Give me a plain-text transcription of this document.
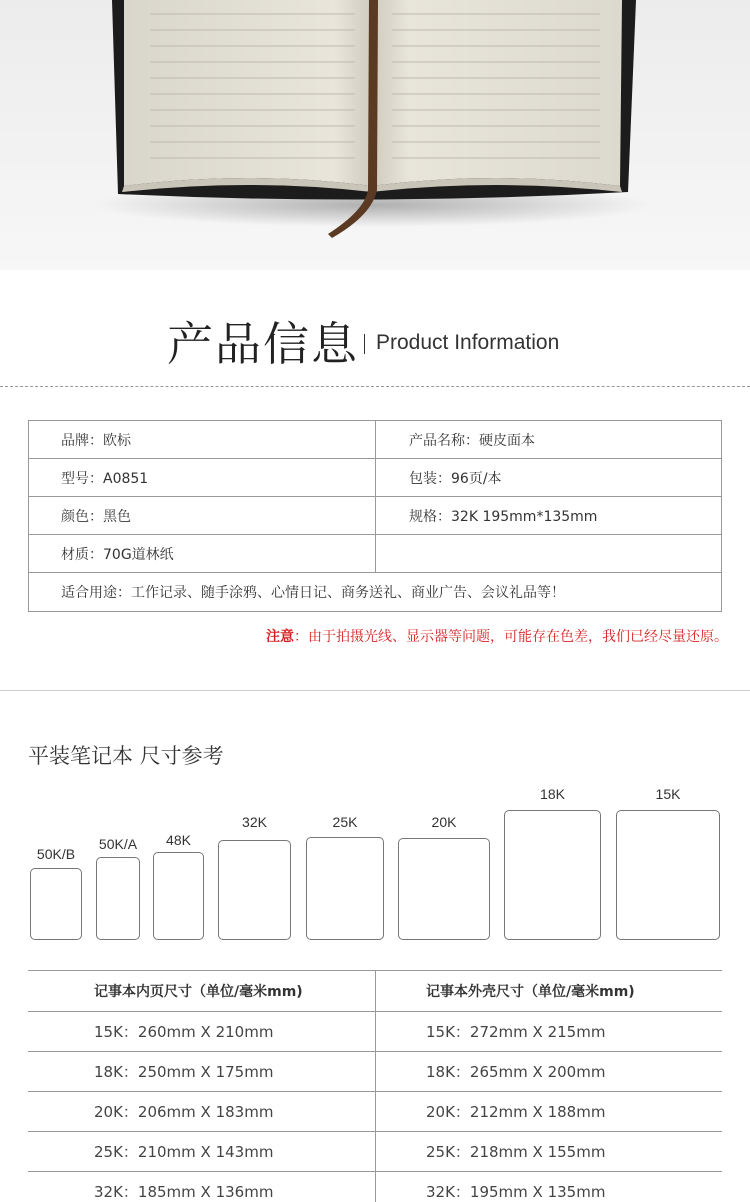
产品信息 Product Information
品牌：欧标	产品名称：硬皮面本
型号：A0851	包装：96页/本
颜色：黑色	规格：32K 195mm*135mm
材质：70G道林纸
适合用途：工作记录、随手涂鸦、心情日记、商务送礼、商业广告、会议礼品等！
注意：由于拍摄光线、显示器等问题，可能存在色差，我们已经尽量还原。
平装笔记本 尺寸参考
50K/B
50K/A	48K
32K	25K	20K
18K	15K
记事本内页尺寸（单位/毫米mm)	记事本外壳尺寸（单位/毫米mm)
15K：260mm X 210mm	15K：272mm X 215mm
18K：250mm X 175mm	18K：265mm X 200mm
20K：206mm X 183mm	20K：212mm X 188mm
25K：210mm X 143mm	25K：218mm X 155mm
32K：185mm X 136mm	32K：195mm X 135mm
